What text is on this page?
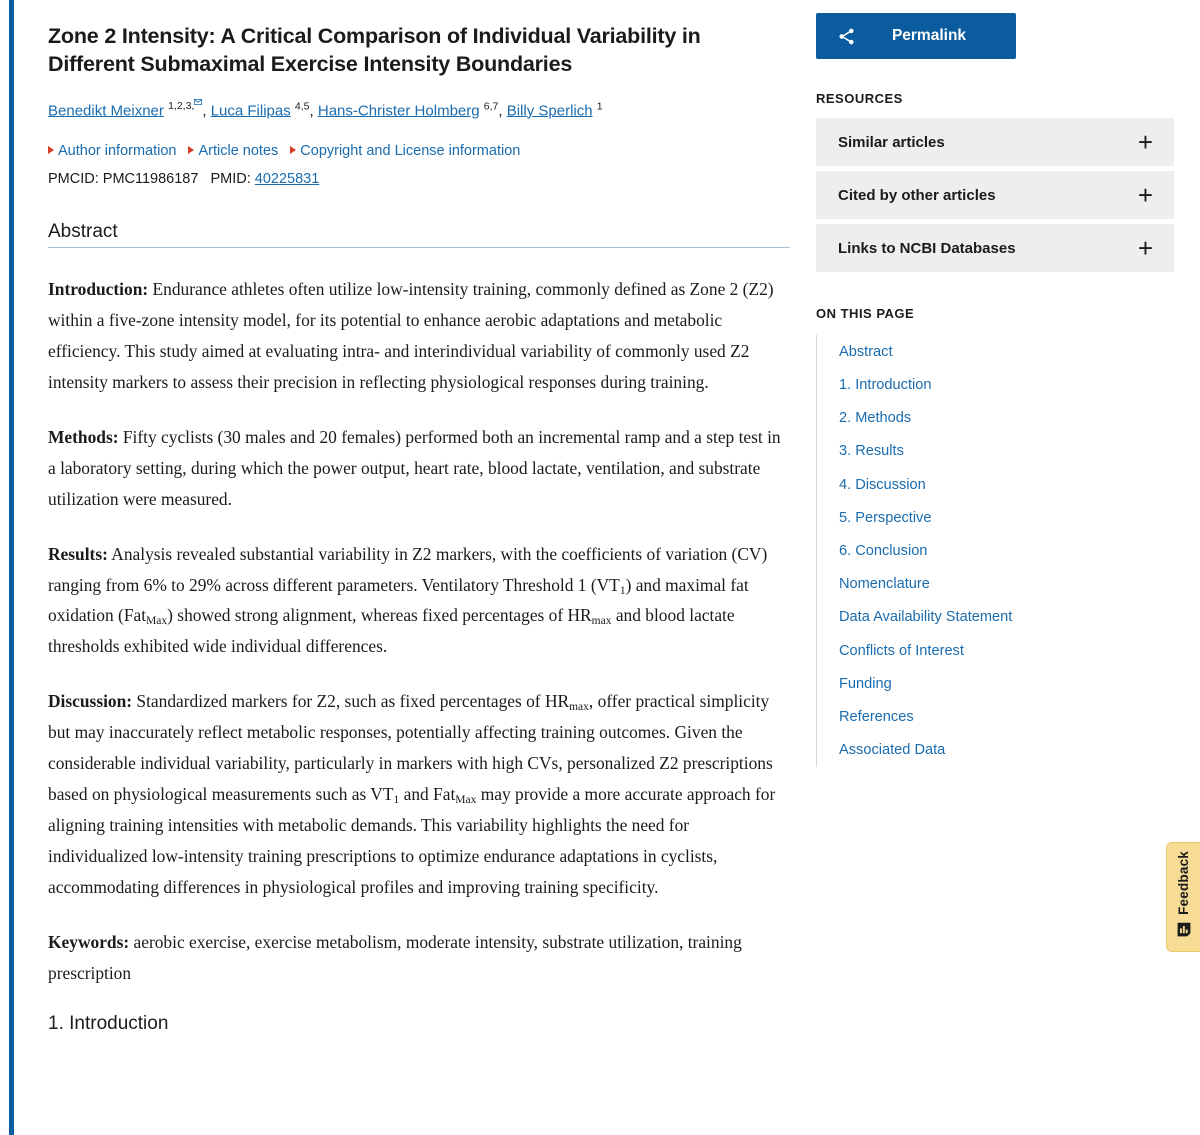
Zone 2 Intensity: A Critical Comparison of Individual Variability in Different Submaximal Exercise Intensity Boundaries
Benedikt Meixner $^{1,2,3,}$ , Luca Filipas $^{4,5}$, Hans-Christer Holmberg $^{6,7}$, Billy Sperlich $^1$
Author information Article notes Copyright and License information
PMCID: PMC11986187 PMID: 40225831
Abstract

Introduction: Endurance athletes often utilize low-intensity training, commonly defined as Zone 2 (Z2) within a five-zone intensity model, for its potential to enhance aerobic adaptations and metabolic efficiency. This study aimed at evaluating intra- and interindividual variability of commonly used Z2 intensity markers to assess their precision in reflecting physiological responses during training.

Methods: Fifty cyclists (30 males and 20 females) performed both an incremental ramp and a step test in a laboratory setting, during which the power output, heart rate, blood lactate, ventilation, and substrate utilization were measured.

Results: Analysis revealed substantial variability in Z2 markers, with the coefficients of variation (CV) ranging from 6% to 29% across different parameters. Ventilatory Threshold 1 $(VT_1)$ and maximal fat oxidation (Fat$_{Max}$) showed strong alignment, whereas fixed percentages of $HR_{max}$ and blood lactate thresholds exhibited wide individual differences.

Discussion: Standardized markers for Z2, such as fixed percentages of $HR_{max}$, offer practical simplicity but may inaccurately reflect metabolic responses, potentially affecting training outcomes. Given the considerable individual variability, particularly in markers with high CVs, personalized Z2 prescriptions based on physiological measurements such as $VT_1$ and Fat$_{Max}$ may provide a more accurate approach for aligning training intensities with metabolic demands. This variability highlights the need for individualized low-intensity training prescriptions to optimize endurance adaptations in cyclists, accommodating differences in physiological profiles and improving training specificity.

Keywords: aerobic exercise, exercise metabolism, moderate intensity, substrate utilization, training prescription

1. Introduction
Permalink
RESOURCES
Similar articles	+
Cited by other articles	+
Links to NCBI Databases	+
ON THIS PAGE
Abstract
1. Introduction
2. Methods
3. Results
4. Discussion
5. Perspective
6. Conclusion
Nomenclature
Data Availability Statement
Conflicts of Interest
Funding
References
Associated Data
Feedback
